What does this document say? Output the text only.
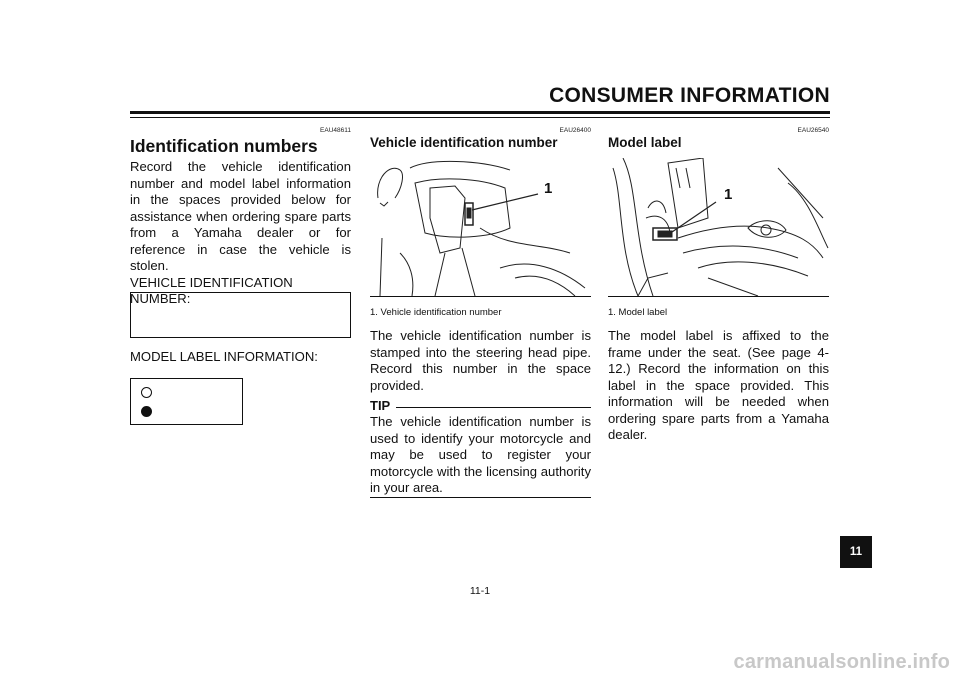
CONSUMER INFORMATION
EAU48611
Identification numbers
Record the vehicle identification number and model label information in the spaces provided below for assistance when ordering spare parts from a Yamaha dealer or for reference in case the vehicle is stolen.
VEHICLE IDENTIFICATION
NUMBER:
MODEL LABEL INFORMATION:
EAU26400
Vehicle identification number
1
1. Vehicle identification number
The vehicle identification number is stamped into the steering head pipe. Record this number in the space provided.
TIP
The vehicle identification number is used to identify your motorcycle and may be used to register your motorcycle with the licensing authority in your area.
EAU26540
Model label
1
1. Model label
The model label is affixed to the frame under the seat. (See page 4-12.) Record the information on this label in the space provided. This information will be needed when ordering spare parts from a Yamaha dealer.
11
11-1
carmanualsonline.info
